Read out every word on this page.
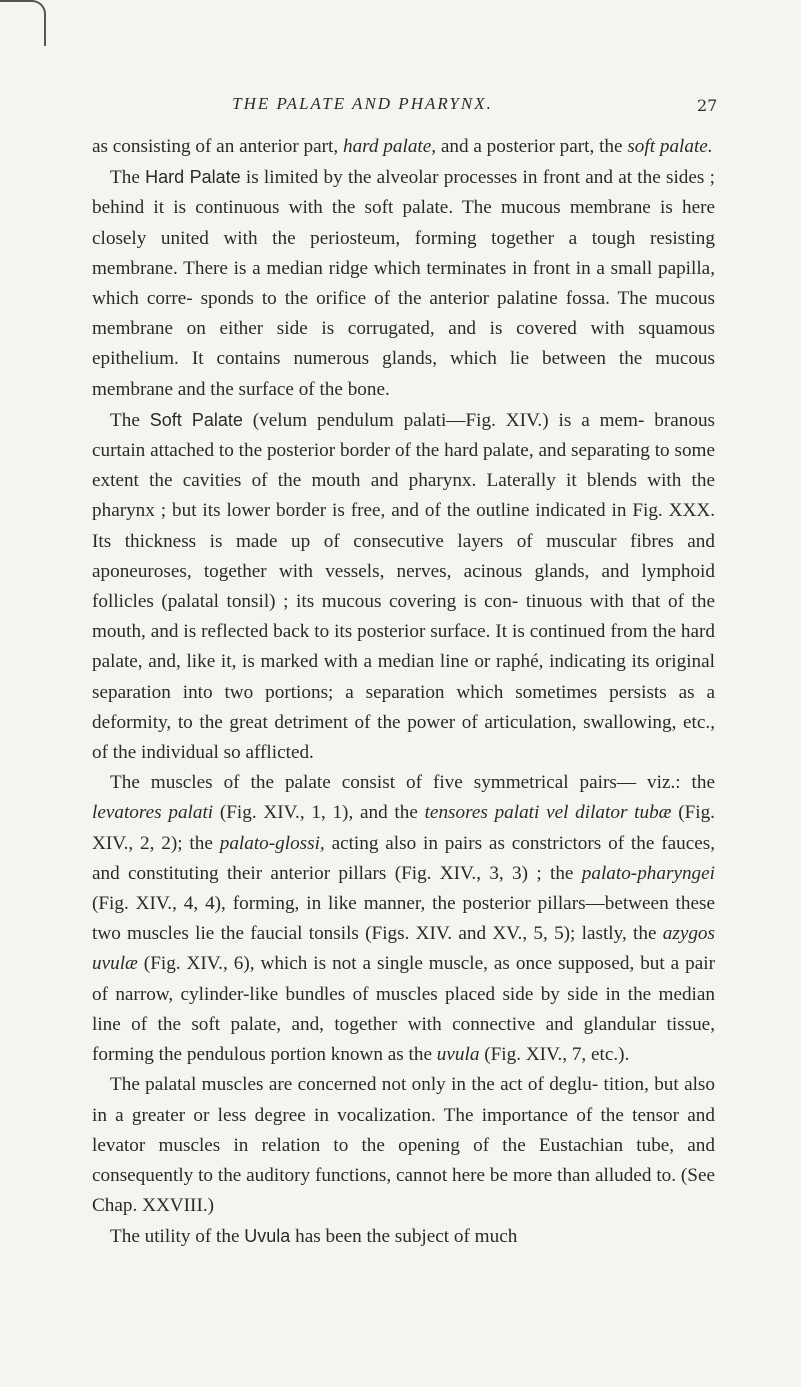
THE PALATE AND PHARYNX.	27

as consisting of an anterior part, hard palate, and a posterior part, the soft palate.

The Hard Palate is limited by the alveolar processes in front and at the sides ; behind it is continuous with the soft palate. The mucous membrane is here closely united with the periosteum, forming together a tough resisting membrane. There is a median ridge which terminates in front in a small papilla, which corre- sponds to the orifice of the anterior palatine fossa. The mucous membrane on either side is corrugated, and is covered with squamous epithelium. It contains numerous glands, which lie between the mucous membrane and the surface of the bone.

The Soft Palate (velum pendulum palati—Fig. XIV.) is a mem- branous curtain attached to the posterior border of the hard palate, and separating to some extent the cavities of the mouth and pharynx. Laterally it blends with the pharynx ; but its lower border is free, and of the outline indicated in Fig. XXX. Its thickness is made up of consecutive layers of muscular fibres and aponeuroses, together with vessels, nerves, acinous glands, and lymphoid follicles (palatal tonsil) ; its mucous covering is con- tinuous with that of the mouth, and is reflected back to its posterior surface. It is continued from the hard palate, and, like it, is marked with a median line or raphé, indicating its original separation into two portions; a separation which sometimes persists as a deformity, to the great detriment of the power of articulation, swallowing, etc., of the individual so afflicted.

The muscles of the palate consist of five symmetrical pairs— viz.: the levatores palati (Fig. XIV., 1, 1), and the tensores palati vel dilator tubæ (Fig. XIV., 2, 2); the palato-glossi, acting also in pairs as constrictors of the fauces, and constituting their anterior pillars (Fig. XIV., 3, 3) ; the palato-pharyngei (Fig. XIV., 4, 4), forming, in like manner, the posterior pillars—between these two muscles lie the faucial tonsils (Figs. XIV. and XV., 5, 5); lastly, the azygos uvulæ (Fig. XIV., 6), which is not a single muscle, as once supposed, but a pair of narrow, cylinder-like bundles of muscles placed side by side in the median line of the soft palate, and, together with connective and glandular tissue, forming the pendulous portion known as the uvula (Fig. XIV., 7, etc.).

The palatal muscles are concerned not only in the act of deglu- tition, but also in a greater or less degree in vocalization. The importance of the tensor and levator muscles in relation to the opening of the Eustachian tube, and consequently to the auditory functions, cannot here be more than alluded to. (See Chap. XXVIII.)

The utility of the Uvula has been the subject of much
